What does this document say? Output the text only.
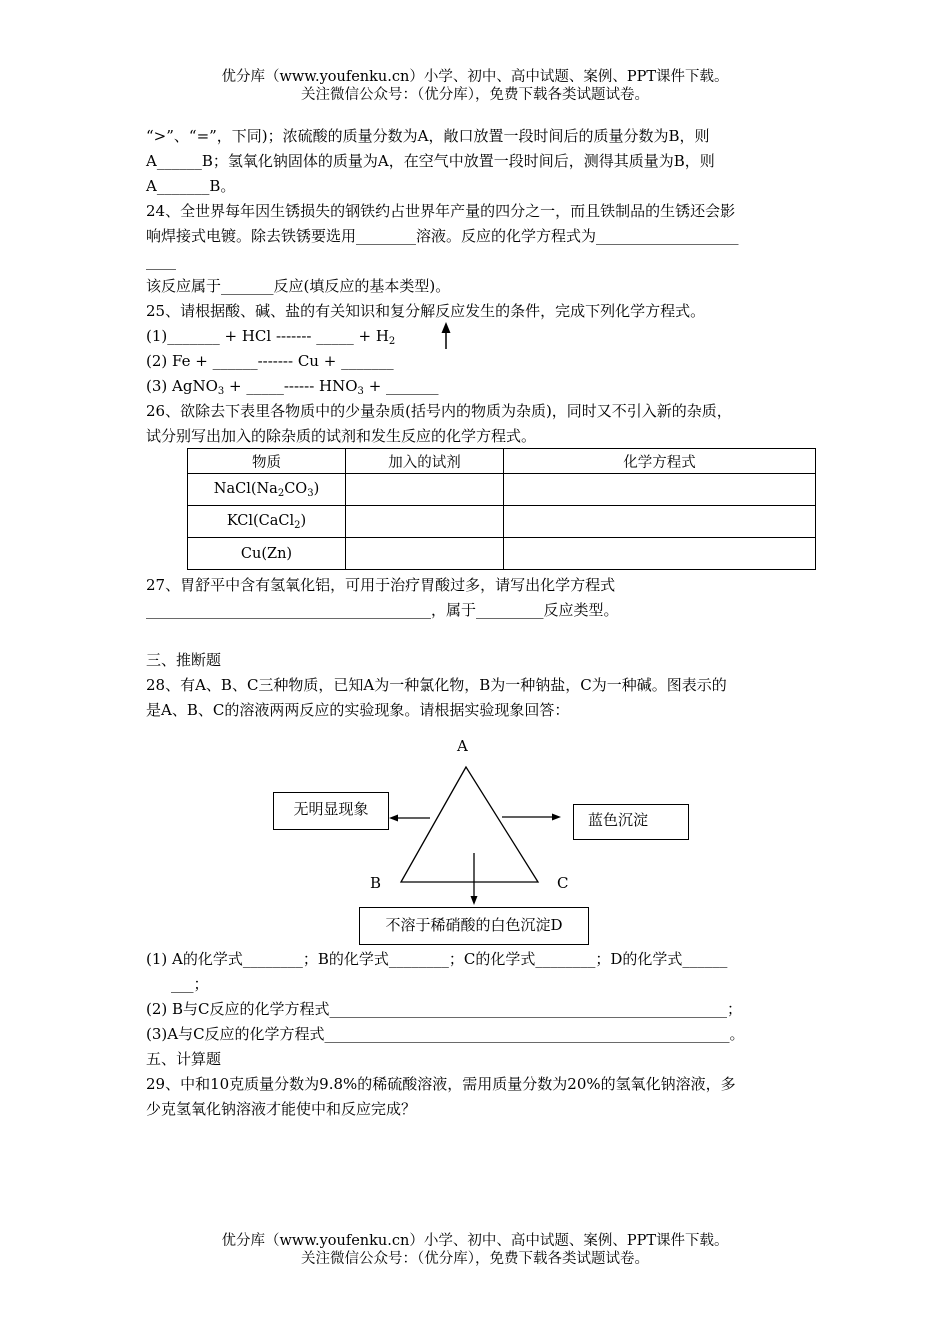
优分库（www.youfenku.cn）小学、初中、高中试题、案例、PPT课件下载。
关注微信公众号：（优分库），免费下载各类试题试卷。
“>”、“=”，下同)；浓硫酸的质量分数为A，敞口放置一段时间后的质量分数为B，则
A______B；氢氧化钠固体的质量为A，在空气中放置一段时间后，测得其质量为B，则
A_______B。
24、全世界每年因生锈损失的钢铁约占世界年产量的四分之一，而且铁制品的生锈还会影
响焊接式电镀。除去铁锈要选用________溶液。反应的化学方程式为___________________
____
该反应属于_______反应(填反应的基本类型)。
25、请根据酸、碱、盐的有关知识和复分解反应发生的条件，完成下列化学方程式。
(1)_______ + HCl ------- _____ + $H_2$
(2) Fe + ______------- Cu + _______
(3) AgNO$_3$ + _____------ $HNO_3$ + _______
26、欲除去下表里各物质中的少量杂质(括号内的物质为杂质)，同时又不引入新的杂质，
试分别写出加入的除杂质的试剂和发生反应的化学方程式。
物质	加入的试剂	化学方程式
$NaCl(Na_2CO_3)$		
KCl(CaCl$_2$)		
Cu(Zn)		
27、胃舒平中含有氢氧化铝，可用于治疗胃酸过多，请写出化学方程式
______________________________________，属于_________反应类型。
三、推断题
28、有A、B、C三种物质，已知A为一种氯化物，B为一种钠盐，C为一种碱。图表示的
是A、B、C的溶液两两反应的实验现象。请根据实验现象回答：
A
B	C
无明显现象
蓝色沉淀
不溶于稀硝酸的白色沉淀D
(1) A的化学式________；B的化学式________；C的化学式________；D的化学式______
___；
(2) B与C反应的化学方程式_____________________________________________________；
(3)A与C反应的化学方程式______________________________________________________。
五、计算题
29、中和10克质量分数为9.8%的稀硫酸溶液，需用质量分数为20%的氢氧化钠溶液，多
少克氢氧化钠溶液才能使中和反应完成？
优分库（www.youfenku.cn）小学、初中、高中试题、案例、PPT课件下载。
关注微信公众号：（优分库），免费下载各类试题试卷。
